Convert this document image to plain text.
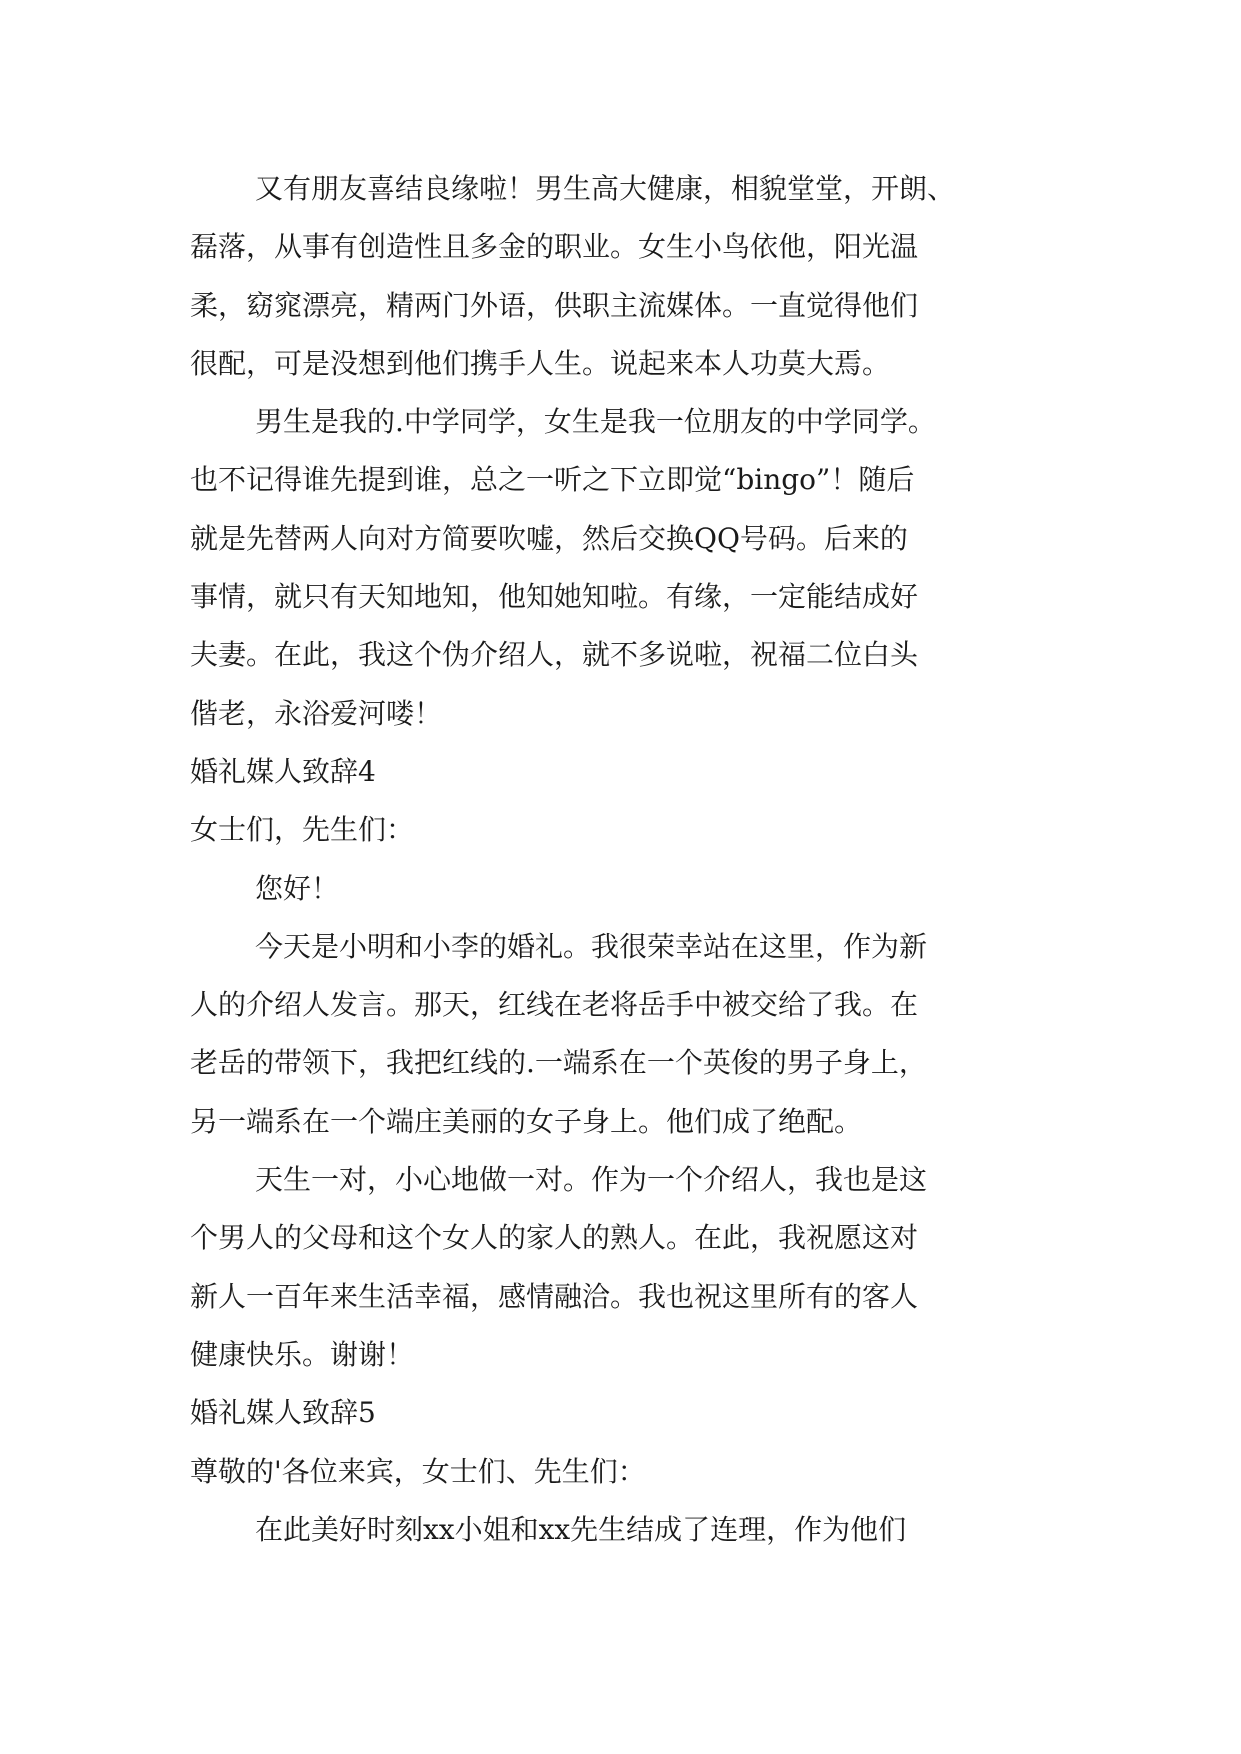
又有朋友喜结良缘啦！男生高大健康，相貌堂堂，开朗、
磊落，从事有创造性且多金的职业。女生小鸟依他，阳光温
柔，窈窕漂亮，精两门外语，供职主流媒体。一直觉得他们
很配，可是没想到他们携手人生。说起来本人功莫大焉。
男生是我的.中学同学，女生是我一位朋友的中学同学。
也不记得谁先提到谁，总之一听之下立即觉“bingo”！随后
就是先替两人向对方简要吹嘘，然后交换QQ号码。后来的
事情，就只有天知地知，他知她知啦。有缘，一定能结成好
夫妻。在此，我这个伪介绍人，就不多说啦，祝福二位白头
偕老，永浴爱河喽！
婚礼媒人致辞4
女士们，先生们：
您好！
今天是小明和小李的婚礼。我很荣幸站在这里，作为新
人的介绍人发言。那天，红线在老将岳手中被交给了我。在
老岳的带领下，我把红线的.一端系在一个英俊的男子身上，
另一端系在一个端庄美丽的女子身上。他们成了绝配。
天生一对，小心地做一对。作为一个介绍人，我也是这
个男人的父母和这个女人的家人的熟人。在此，我祝愿这对
新人一百年来生活幸福，感情融洽。我也祝这里所有的客人
健康快乐。谢谢！
婚礼媒人致辞5
尊敬的'各位来宾，女士们、先生们：
在此美好时刻xx小姐和xx先生结成了连理，作为他们
